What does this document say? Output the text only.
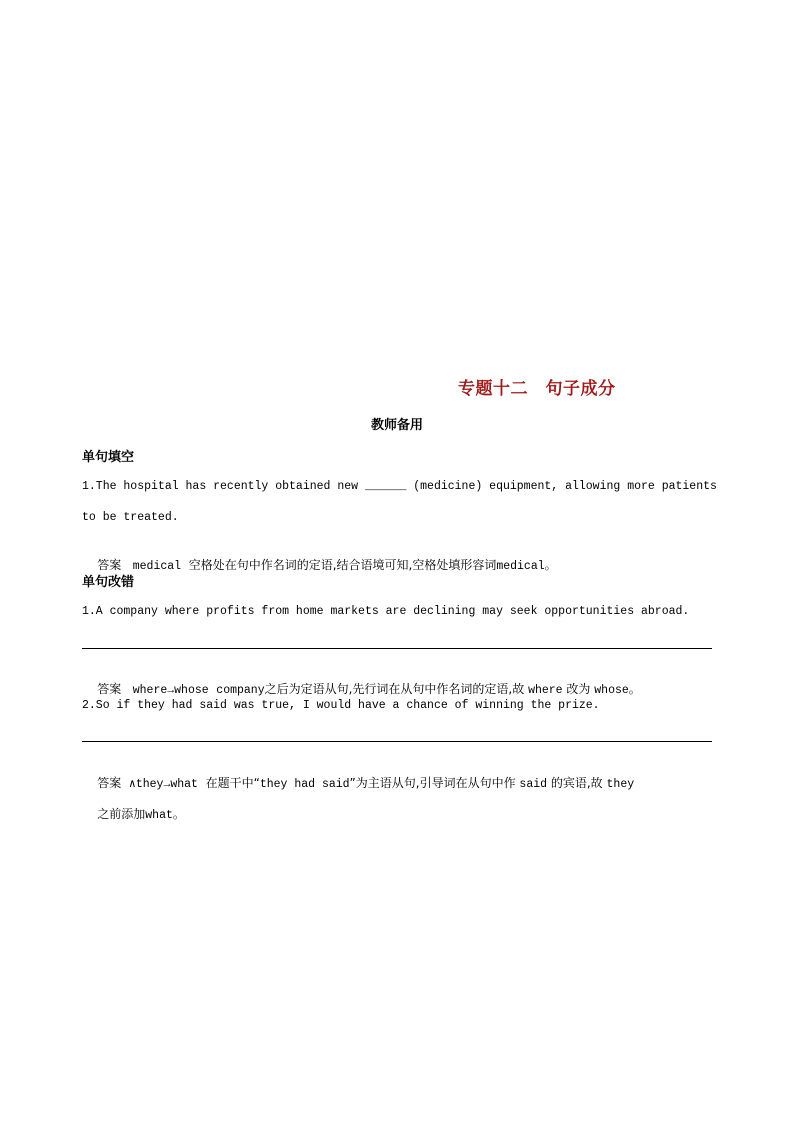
专题十二　句子成分
教师备用
单句填空
1.The hospital has recently obtained new ______ (medicine) equipment, allowing more patients
to be treated.

答案 medical 空格处在句中作名词的定语,结合语境可知,空格处填形容词medical。

单句改错
1.A company where profits from home markets are declining may seek opportunities abroad.

答案 where→whose company之后为定语从句,先行词在从句中作名词的定语,故 where 改为 whose。

2.So if they had said was true, I would have a chance of winning the prize.

答案 ∧they→what 在题干中“they had said”为主语从句,引导词在从句中作 said 的宾语,故 they

之前添加what。
